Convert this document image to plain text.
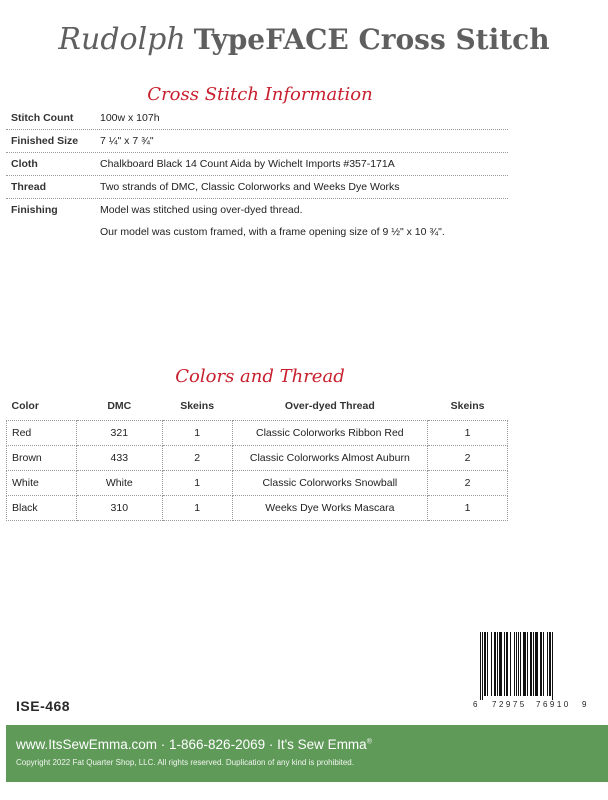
Rudolph TypeFACE Cross Stitch
Cross Stitch Information
Stitch Count	100w x 107h
Finished Size	7 ¼" x 7 ¾"
Cloth	Chalkboard Black 14 Count Aida by Wichelt Imports #357-171A
Thread	Two strands of DMC, Classic Colorworks and Weeks Dye Works
Finishing	Model was stitched using over-dyed thread.
Our model was custom framed, with a frame opening size of 9 ½" x 10 ¾".
Colors and Thread
Color	DMC	Skeins	Over-dyed Thread	Skeins
Red	321	1	Classic Colorworks Ribbon Red	1
Brown	433	2	Classic Colorworks Almost Auburn	2
White	White	1	Classic Colorworks Snowball	2
Black	310	1	Weeks Dye Works Mascara	1
6 72975 76910 9
ISE-468
www.ItsSewEmma.com · 1-866-826-2069 · It's Sew Emma®
Copyright 2022 Fat Quarter Shop, LLC. All rights reserved. Duplication of any kind is prohibited.
